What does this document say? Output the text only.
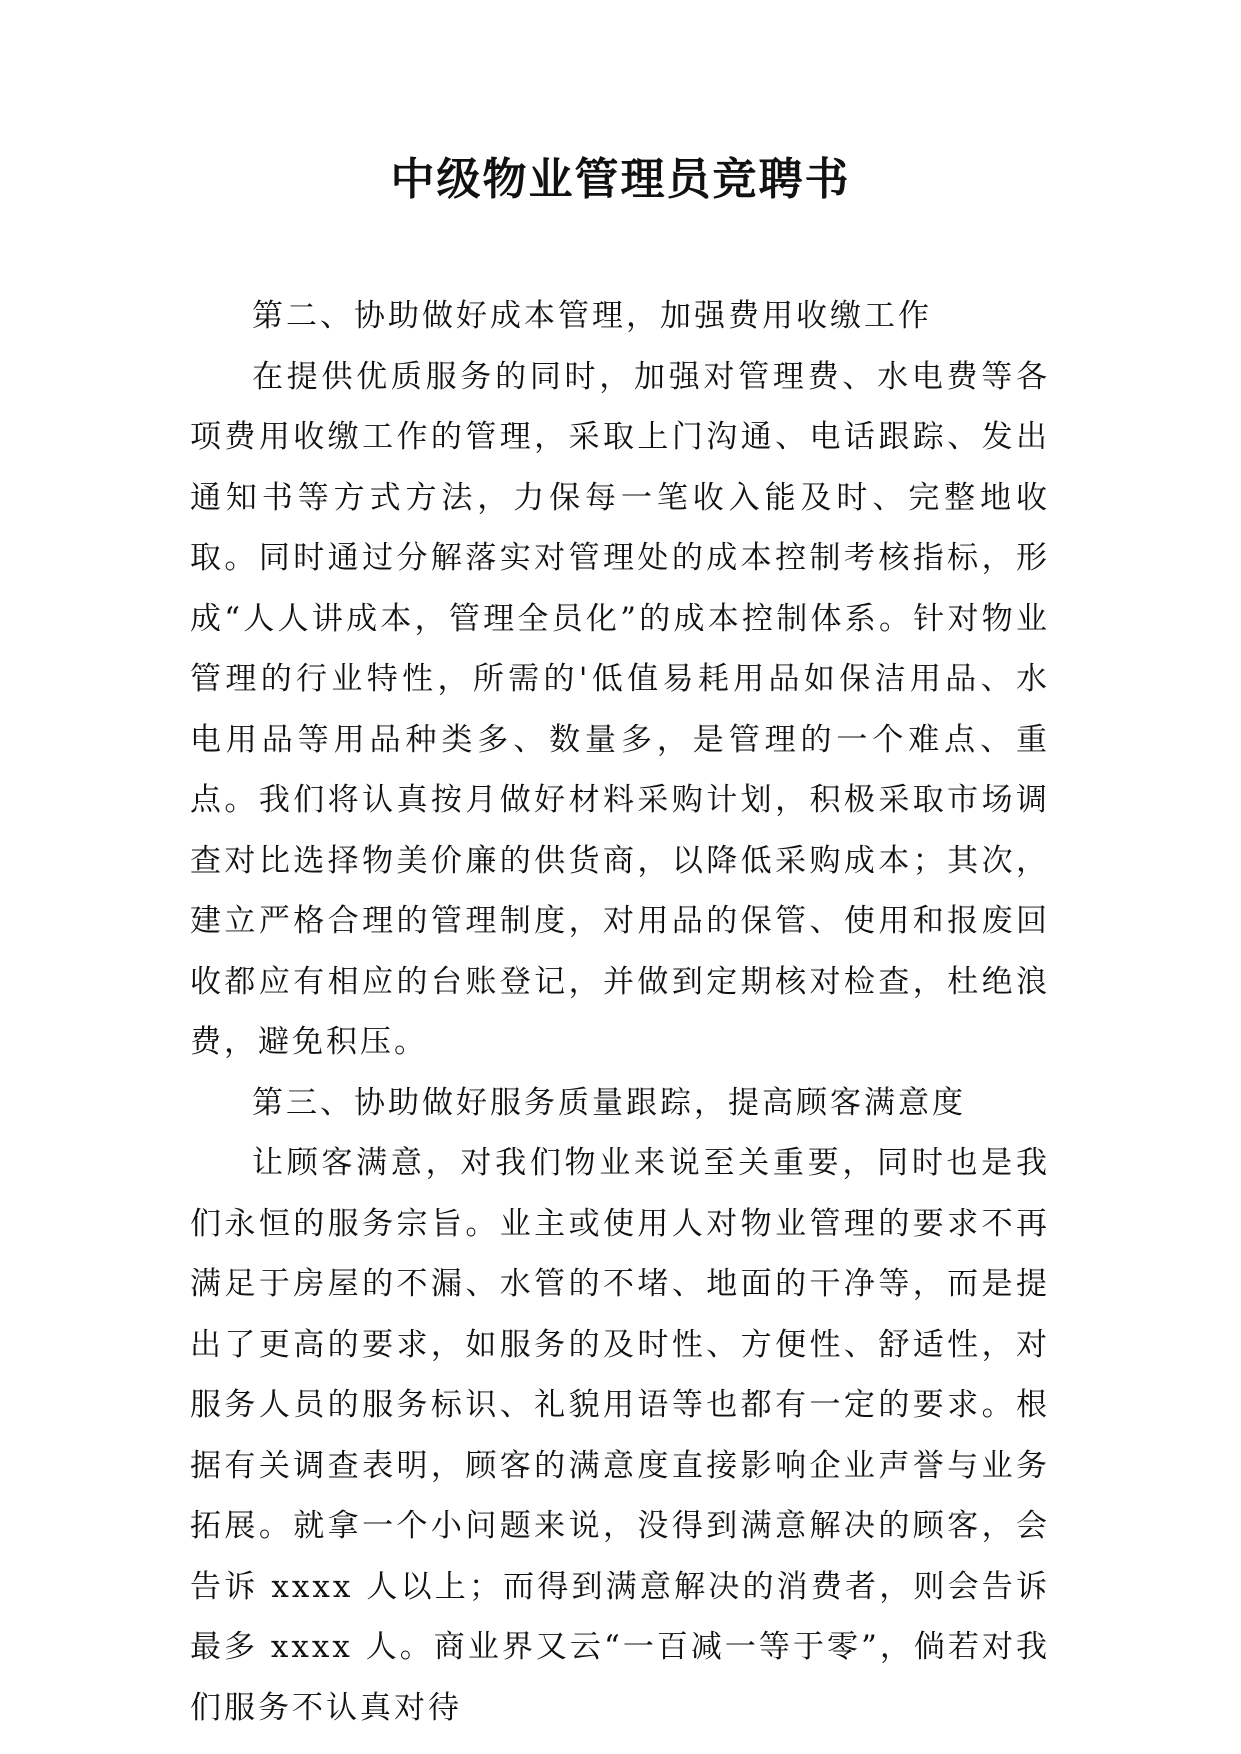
中级物业管理员竞聘书

第二、协助做好成本管理，加强费用收缴工作

在提供优质服务的同时，加强对管理费、水电费等各项费用收缴工作的管理，采取上门沟通、电话跟踪、发出通知书等方式方法，力保每一笔收入能及时、完整地收取。同时通过分解落实对管理处的成本控制考核指标，形成“人人讲成本，管理全员化”的成本控制体系。针对物业管理的行业特性，所需的'低值易耗用品如保洁用品、水电用品等用品种类多、数量多，是管理的一个难点、重点。我们将认真按月做好材料采购计划，积极采取市场调查对比选择物美价廉的供货商，以降低采购成本；其次，建立严格合理的管理制度，对用品的保管、使用和报废回收都应有相应的台账登记，并做到定期核对检查，杜绝浪费，避免积压。

第三、协助做好服务质量跟踪，提高顾客满意度

让顾客满意，对我们物业来说至关重要，同时也是我们永恒的服务宗旨。业主或使用人对物业管理的要求不再满足于房屋的不漏、水管的不堵、地面的干净等，而是提出了更高的要求，如服务的及时性、方便性、舒适性，对服务人员的服务标识、礼貌用语等也都有一定的要求。根据有关调查表明，顾客的满意度直接影响企业声誉与业务拓展。就拿一个小问题来说，没得到满意解决的顾客，会告诉 xxxx 人以上；而得到满意解决的消费者，则会告诉最多 xxxx 人。商业界又云“一百减一等于零”，倘若对我们服务不认真对待
